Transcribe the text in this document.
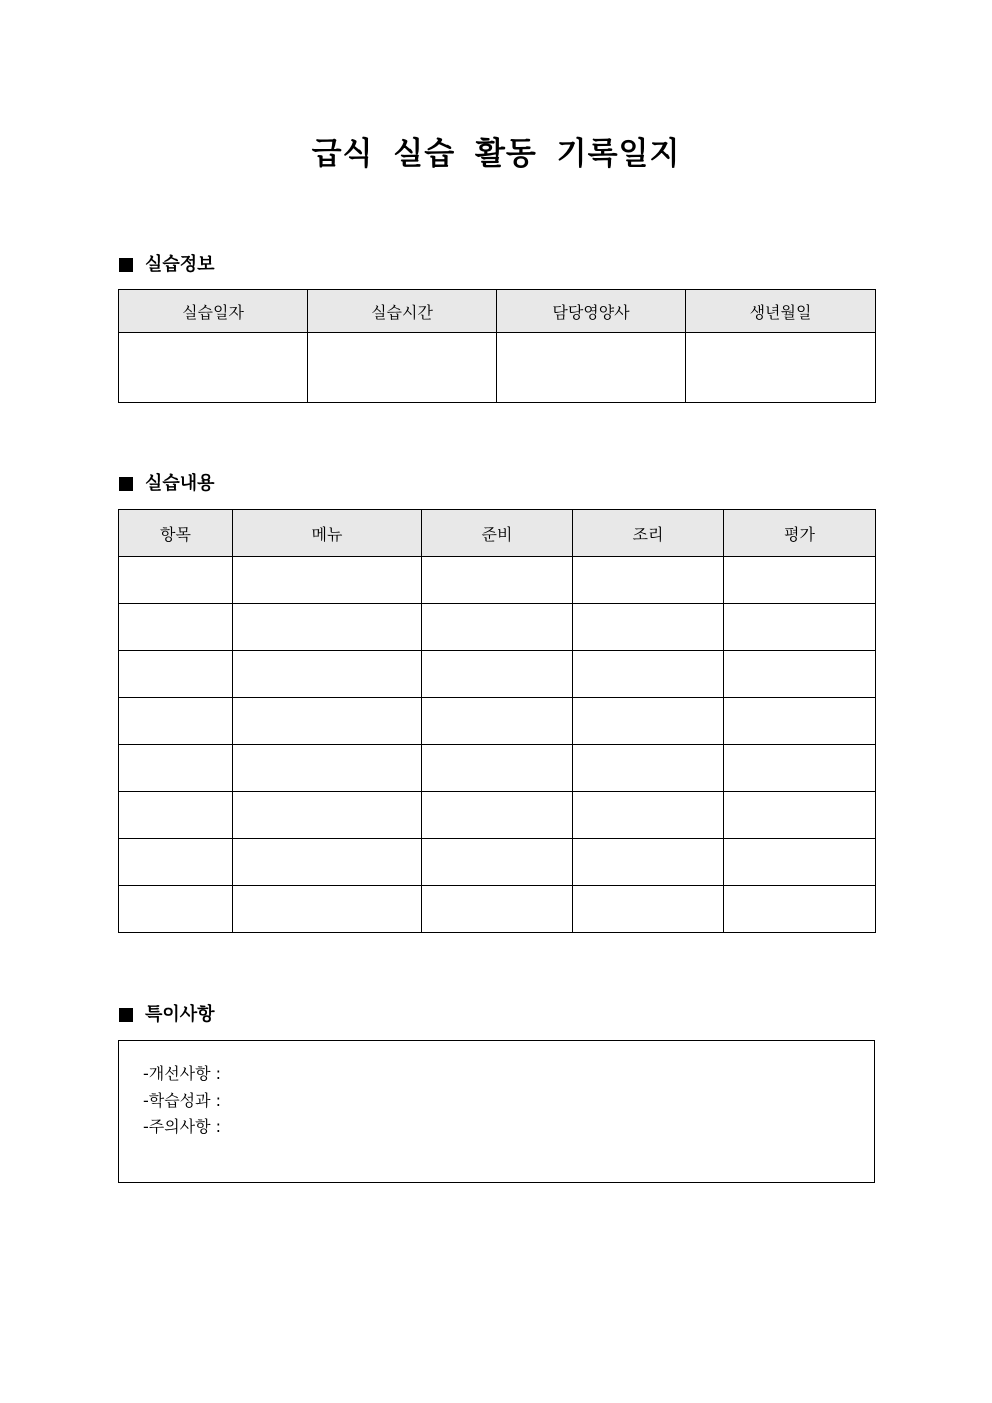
급식 실습 활동 기록일지
실습정보
실습일자	실습시간	담당영양사	생년월일

실습내용
항목	메뉴	준비	조리	평가

특이사항
-개선사항 :
-학습성과 :
-주의사항 :
